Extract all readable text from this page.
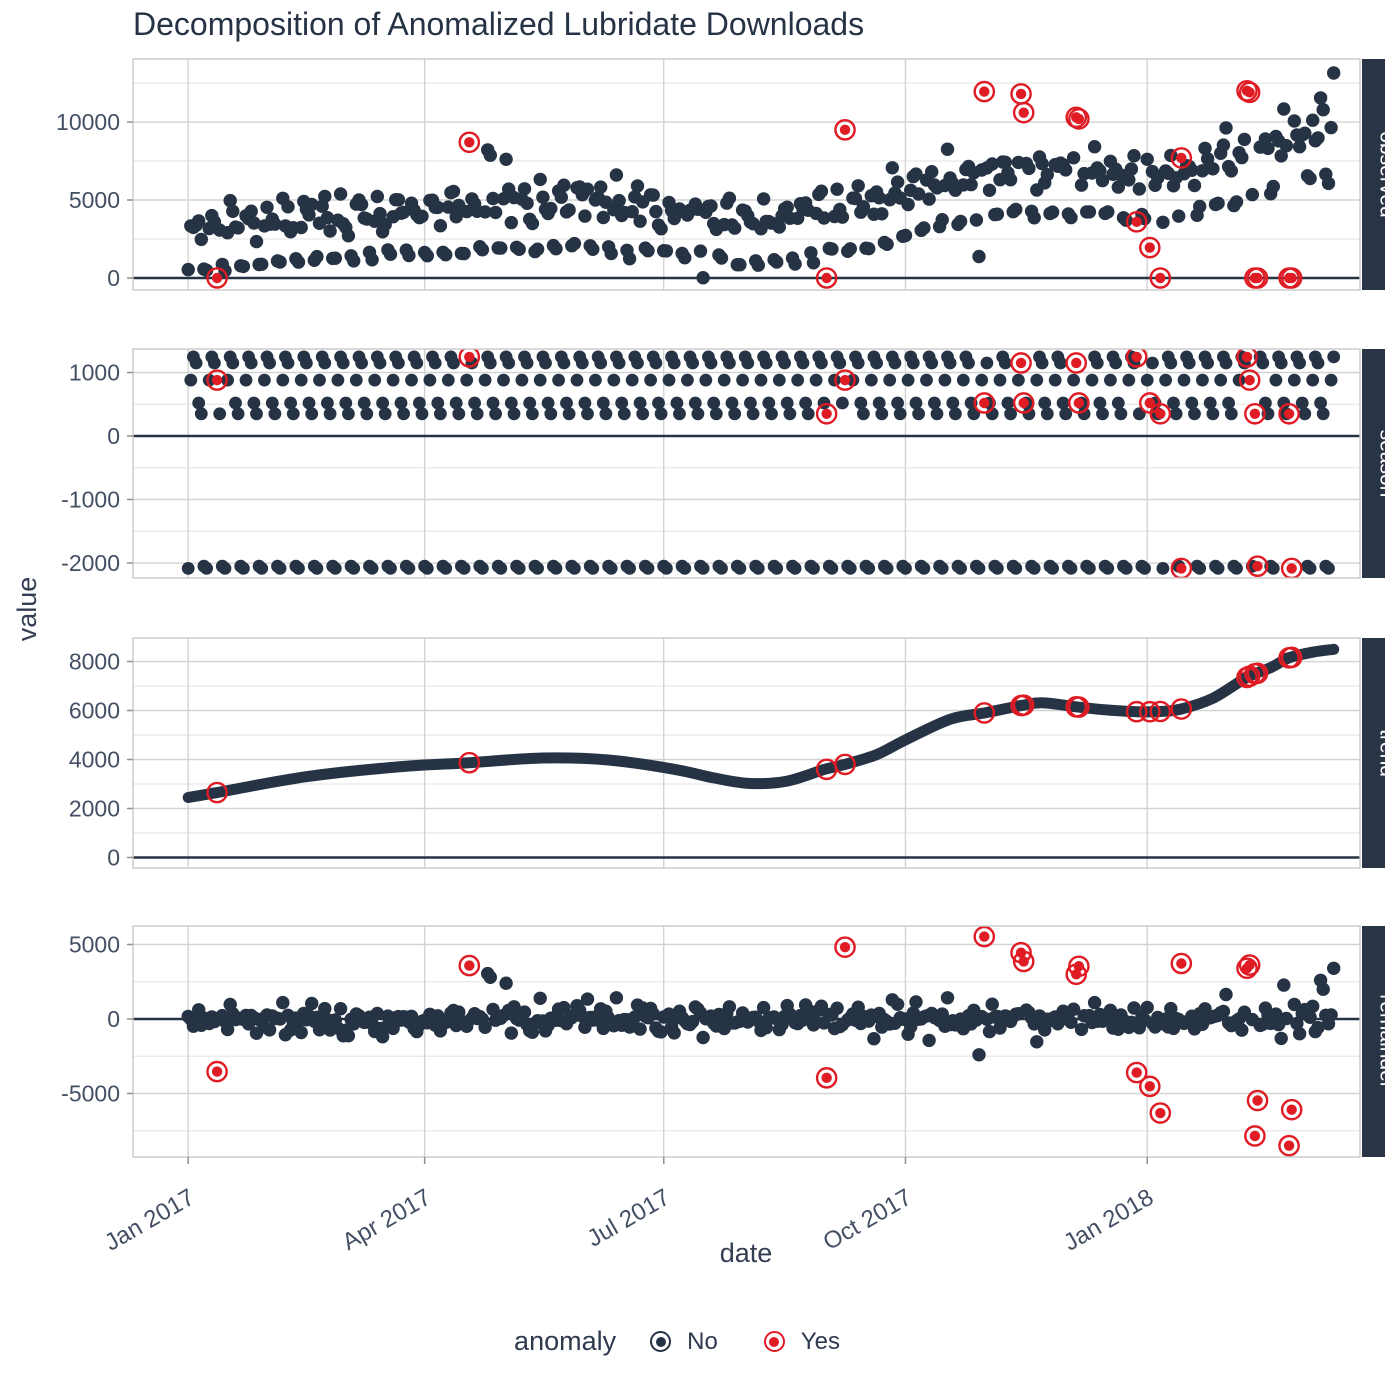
Decomposition of Anomalized Lubridate Downloads
0
5000
10000
observed
-2000
-1000
0
1000
season
0
2000
4000
6000
8000
trend
-5000
0
5000
remainder
Jan 2017	Apr 2017	Jul 2017	Oct 2017	Jan 2018
value
date
anomaly	No	Yes
